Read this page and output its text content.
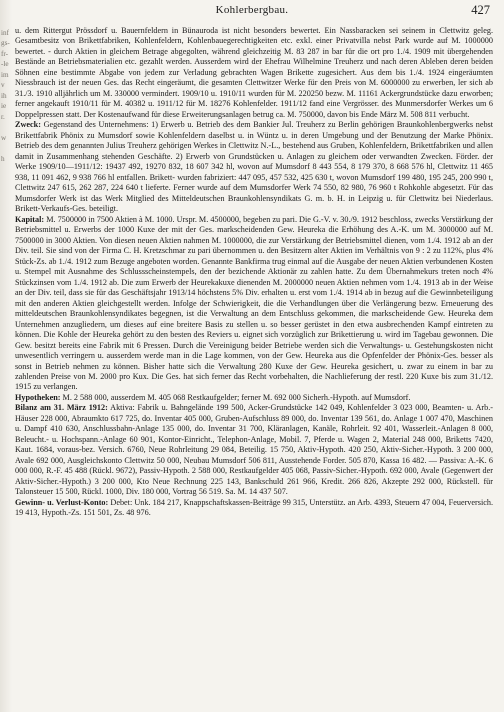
Kohlerbergbau.	427
inf
gs-
fr-
-le
im
v
ih
ie
r.

w

h

u. dem Rittergut Prössdorf u. Bauernfeldern in Bünauroda ist nicht besonders bewertet. Ein Nassbaracken sei seinem in Clettwitz geleg. Gesamtbesitz von Brikettfabriken, Kohlenfeldern, Kohlenbauegerechtigkeiten etc. exkl. einer Privatvilla nebst Park wurde auf M. 1000000 bewertet. - durch Aktien in gleichem Betrage abgegolten, während gleichzeitig M. 83 287 in bar für die ort pro 1./4. 1909 mit übergehenden Bestände an Betriebsmaterialien etc. gezahlt werden. Ausserdem wird der Ehefrau Wilhelmine Treuherz und nach deren Ableben deren beiden Söhnen eine bestimmte Abgabe von jedem zur Verladung gebrachten Wagen Brikette zugesichert. Aus dem bis 1./4. 1924 eingeräumten Niessbrauch ist der neuen Ges. das Recht eingeräumt, die gesamten Clettwitzer Werke für den Preis von M. 6000000 zu erwerben, ler sich ab 31./3. 1910 alljährlich um M. 330000 vermindert. 1909/10 u. 1910/11 wurden für M. 220250 bezw. M. 11161 Ackergrundstücke dazu erworben; ferner angekauft 1910/11 für M. 40382 u. 1911/12 für M. 18276 Kohlenfelder. 1911/12 fand eine Vergrösser. des Munmersdorfer Werkes um 6 Doppelpressen statt. Der Kostenaufwand für diese Erweiterungsanlagen betrug ca. M. 750000, davon bis Ende März M. 508 811 verbucht.

Zweck: Gegenstand des Unternehmens: 1) Erwerb u. Betrieb des dem Bankier Jul. Treuherz zu Berlin gehörigen Braunkohlenbergwerks nebst Brikettfabrik Phönix zu Mumsdorf sowie Kohlenfeldern daselbst u. in Wüntz u. in deren Umgebung und der Benutzung der Marke Phönix. Betrieb des dem genannten Julius Treuherz gehörigen Werkes in Clettwitz N.-L., bestehend aus Gruben, Kohlenfeldern, Brikettfabriken und allen damit in Zusammenhang stehenden Geschäfte. 2) Erwerb von Grundstücken u. Anlagen zu gleichem oder verwandten Zwecken. Förder. der Werke 1909/10—1911/12: 19437 492, 19270 832, 18 607 342 hl, wovon auf Mumsdorf 8 443 554, 8 179 370, 8 668 576 hl, Clettwitz 11 465 938, 11 091 462, 9 938 766 hl entfallen. Brikett- wurden fabriziert: 447 095, 457 532, 425 630 t, wovon Mumsdorf 199 480, 195 245, 200 990 t, Clettwitz 247 615, 262 287, 224 640 t lieferte. Ferner wurde auf dem Mumsdorfer Werk 74 550, 82 980, 76 960 t Rohkohle abgesetzt. Für das Mumsdorfer Werk ist das Werk Mitglied des Mitteldeutschen Braunkohlensyndikats G. m. b. H. in Leipzig u. für Clettwitz bei Niederlaus. Brikett-Verkaufs-Ges. beteiligt.

Kapital: M. 7500000 in 7500 Aktien à M. 1000. Urspr. M. 4500000, begeben zu pari. Die G.-V. v. 30./9. 1912 beschloss, zwecks Verstärkung der Betriebsmittel u. Erwerbs der 1000 Kuxe der mit der Ges. markscheidenden Gew. Heureka die Erhöhung des A.-K. um M. 3000000 auf M. 7500000 in 3000 Aktien. Von diesen neuen Aktien nahmen M. 1000000, die zur Verstärkung der Betriebsmittel dienen, vom 1./4. 1912 ab an der Div. teil. Sie sind von der Firma C. H. Kretzschmar zu pari übernommen u. den Besitzern alter Aktien im Verhältnis von 9 : 2 zu 112%, plus 4% Stück-Zs. ab 1./4. 1912 zum Bezuge angeboten worden. Genannte Bankfirma trug einmal auf die Ausgabe der neuen Aktien verbundenen Kosten u. Stempel mit Ausnahme des Schlussscheinstempels, den der bezichende Aktionär zu zahlen hatte. Zu dem Übernahmekurs treten noch 4% Stückzinsen vom 1./4. 1912 ab. Die zum Erwerb der Heurekakuxe dienenden M. 2000000 neuen Aktien nehmen vom 1./4. 1913 ab in der Weise an der Div. teil, dass sie für das Geschäftsjahr 1913/14 höchstens 5% Div. erhalten u. erst vom 1./4. 1914 ab in bezug auf die Gewinnbeteiligung mit den anderen Aktien gleichgestellt werden. Infolge der Schwierigkeit, die die Verhandlungen über die Verlängerung bezw. Erneuerung des mitteldeutschen Braunkohlensyndikates begegnen, ist die Verwaltung an dem Entschluss gekommen, die markscheidende Gew. Heureka dem Unternehmen anzugliedern, um dieses auf eine breitere Basis zu stellen u. so besser gerüstet in den etwa ausbrechenden Kampf eintreten zu können. Die Kohle der Heureka gehört zu den besten des Reviers u. eignet sich vorzüglich zur Brikettierung u. wird im Tagebau gewonnen. Die Gew. besitzt bereits eine Fabrik mit 6 Pressen. Durch die Vereinigung beider Betriebe werden sich die Verwaltungs- u. Gestehungskosten nicht unwesentlich verringern u. ausserdem werde man in die Lage kommen, von der Gew. Heureka aus die Opfenfelder der Phönix-Ges. besser als sonst in Betrieb nehmen zu können. Bisher hatte sich die Verwaltung 280 Kuxe der Gew. Heureka gesichert, u. zwar zu einem in bar zu zahlenden Preise von M. 2000 pro Kux. Die Ges. hat sich ferner das Recht vorbehalten, die Nachlieferung der restl. 220 Kuxe bis zum 31./12. 1915 zu verlangen.

Hypotheken: M. 2 588 000, ausserdem M. 405 068 Restkaufgelder; ferner M. 692 000 Sicherh.-Hypoth. auf Mumsdorf.

Bilanz am 31. März 1912: Aktiva: Fabrik u. Bahngelände 199 500, Acker-Grundstücke 142 049, Kohlenfelder 3 023 000, Beamten- u. Arb.-Häuser 228 000, Abraumkto 617 725, do. Inventar 405 000, Gruben-Aufschluss 89 000, do. Inventar 139 561, do. Anlage 1 007 470, Maschinen u. Dampf 410 630, Anschlussbahn-Anlage 135 000, do. Inventar 31 700, Kläranlagen, Kanäle, Rohrleit. 92 401, Wasserleit.-Anlagen 8 000, Beleucht.- u. Hochspann.-Anlage 60 901, Kontor-Einricht., Telephon-Anlage, Mobil. 7, Pferde u. Wagen 2, Material 248 000, Briketts 7420, Kaut. 1684, voraus-bez. Versich. 6760, Neue Rohrleitung 29 084, Beteilig. 15 750, Aktiv-Hypoth. 420 250, Aktiv-Sicher.-Hypoth. 3 200 000, Avale 692 000, Ausgleichskonto Clettwitz 50 000, Neubau Mumsdorf 506 811, Ausstehende Forder. 505 870, Kassa 16 482. — Passiva: A.-K. 6 000 000, R.-F. 45 488 (Rückl. 9672), Passiv-Hypoth. 2 588 000, Restkaufgelder 405 068, Passiv-Sicher.-Hypoth. 692 000, Avale (Gegenwert der Aktiv-Sicher.-Hypoth.) 3 200 000, Kto Neue Rechnung 225 143, Bankschuld 261 966, Kredit. 266 826, Akzepte 292 000, Rückstell. für Talonsteuer 15 500, Rückl. 1000, Div. 180 000, Vortrag 56 519. Sa. M. 14 437 507.

Gewinn- u. Verlust-Konto: Debet: Unk. 184 217, Knappschaftskassen-Beiträge 99 315, Unterstütz. an Arb. 4393, Steuern 47 004, Feuerversich. 19 413, Hypoth.-Zs. 151 501, Zs. 48 976.
